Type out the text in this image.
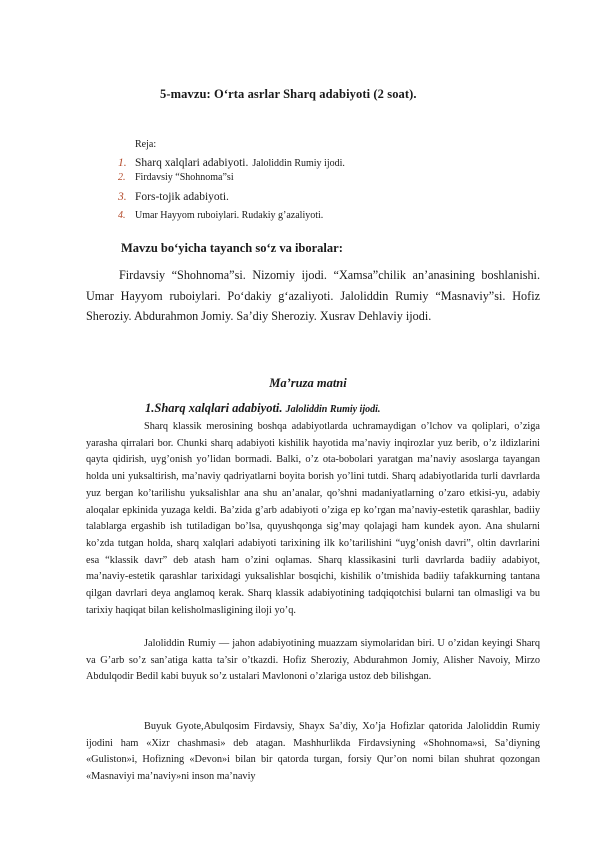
5-mavzu: O‘rta asrlar Sharq adabiyoti (2 soat).
Reja:
1. Sharq xalqlari adabiyoti.
Jaloliddin Rumiy ijodi.
2. Firdavsiy “Shohnoma”si
3. Fors-tojik adabiyoti.
4. Umar Hayyom ruboiylari. Rudakiy g’azaliyoti.
Mavzu bo‘yicha tayanch so‘z va iboralar:
Firdavsiy “Shohnoma”si. Nizomiy ijodi. “Xamsa”chilik an’anasining boshlanishi. Umar Hayyom ruboiylari. Po‘dakiy g‘azaliyoti. Jaloliddin Rumiy “Masnaviy”si. Hofiz Sheroziy. Abdurahmon Jomiy. Sa’diy Sheroziy. Xusrav Dehlaviy ijodi.
Ma’ruza matni
1.Sharq xalqlari adabiyoti. Jaloliddin Rumiy ijodi.

Sharq klassik merosining boshqa adabiyotlarda uchramaydigan o’lchov va qoliplari, o’ziga yarasha qirralari bor. Chunki sharq adabiyoti kishilik hayotida ma’naviy inqirozlar yuz berib, o’z ildizlarini qayta qidirish, uyg’onish yo’lidan bormadi. Balki, o’z ota-bobolari yaratgan ma’naviy asoslarga tayangan holda uni yuksaltirish, ma’naviy qadriyatlarni boyita borish yo’lini tutdi. Sharq adabiyotlarida turli davrlarda yuz bergan ko’tarilishu yuksalishlar ana shu an’analar, qo’shni madaniyatlarning o’zaro etkisi-yu, adabiy aloqalar epkinida yuzaga keldi. Ba’zida g’arb adabiyoti o’ziga ep ko’rgan ma’naviy-estetik qarashlar, badiiy talablarga ergashib ish tutiladigan bo’lsa, quyushqonga sig’may qolajagi ham kundek ayon. Ana shularni ko’zda tutgan holda, sharq xalqlari adabiyoti tarixining ilk ko’tarilishini “uyg’onish davri”, oltin davrlarini esa “klassik davr” deb atash ham o’zini oqlamas. Sharq klassikasini turli davrlarda badiiy adabiyot, ma’naviy-estetik qarashlar tarixidagi yuksalishlar bosqichi, kishilik o’tmishida badiiy tafakkurning tantana qilgan davrlari deya anglamoq kerak. Sharq klassik adabiyotining tadqiqotchisi bularni tan olmasligi va bu tarixiy haqiqat bilan kelisholmasligining iloji yo’q.

Jaloliddin Rumiy — jahon adabiyotining muazzam siymolaridan biri. U o’zidan keyingi Sharq va G’arb so’z san’atiga katta ta’sir o’tkazdi. Hofiz Sheroziy, Abdurahmon Jomiy, Alisher Navoiy, Mirzo Abdulqodir Bedil kabi buyuk so’z ustalari Mavlononi o’zlariga ustoz deb bilishgan.

Buyuk Gyote,Abulqosim Firdavsiy, Shayx Sa’diy, Xo’ja Hofizlar qatorida Jaloliddin Rumiy ijodini ham «Xizr chashmasi» deb atagan. Mashhurlikda Firdavsiyning «Shohnoma»si, Sa’diyning «Guliston»i, Hofizning «Devon»i bilan bir qatorda turgan, forsiy Qur’on nomi bilan shuhrat qozongan «Masnaviyi ma’naviy»ni inson ma’naviy
